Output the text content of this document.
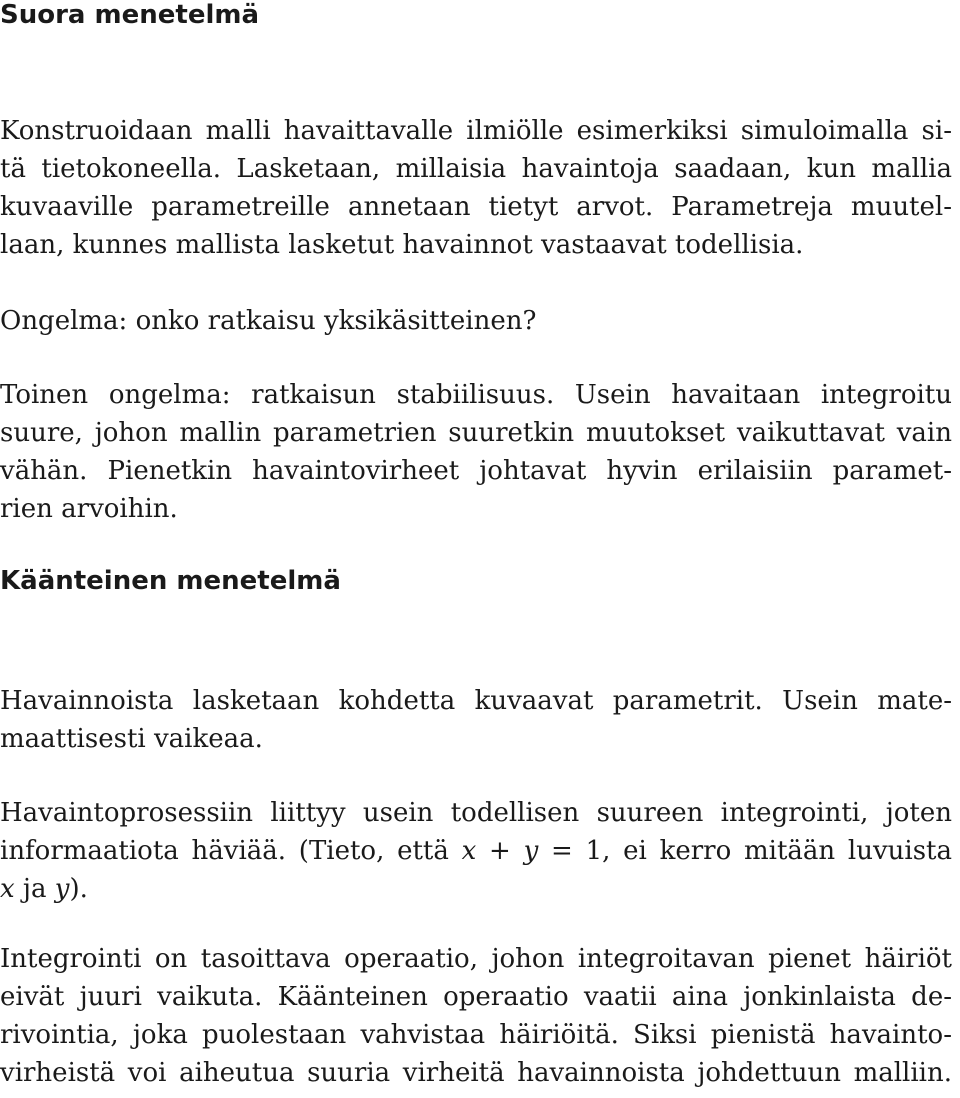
Suora menetelmä
Konstruoidaan malli havaittavalle ilmiölle esimerkiksi simuloimalla si-
tä tietokoneella. Lasketaan, millaisia havaintoja saadaan, kun mallia
kuvaaville parametreille annetaan tietyt arvot. Parametreja muutel-
laan, kunnes mallista lasketut havainnot vastaavat todellisia.
Ongelma: onko ratkaisu yksikäsitteinen?
Toinen ongelma: ratkaisun stabiilisuus. Usein havaitaan integroitu
suure, johon mallin parametrien suuretkin muutokset vaikuttavat vain
vähän. Pienetkin havaintovirheet johtavat hyvin erilaisiin paramet-
rien arvoihin.
Käänteinen menetelmä
Havainnoista lasketaan kohdetta kuvaavat parametrit. Usein mate-
maattisesti vaikeaa.
Havaintoprosessiin liittyy usein todellisen suureen integrointi, joten
informaatiota häviää. (Tieto, että x + y = 1, ei kerro mitään luvuista
x ja y).
Integrointi on tasoittava operaatio, johon integroitavan pienet häiriöt
eivät juuri vaikuta. Käänteinen operaatio vaatii aina jonkinlaista de-
rivointia, joka puolestaan vahvistaa häiriöitä. Siksi pienistä havainto-
virheistä voi aiheutua suuria virheitä havainnoista johdettuun malliin.
